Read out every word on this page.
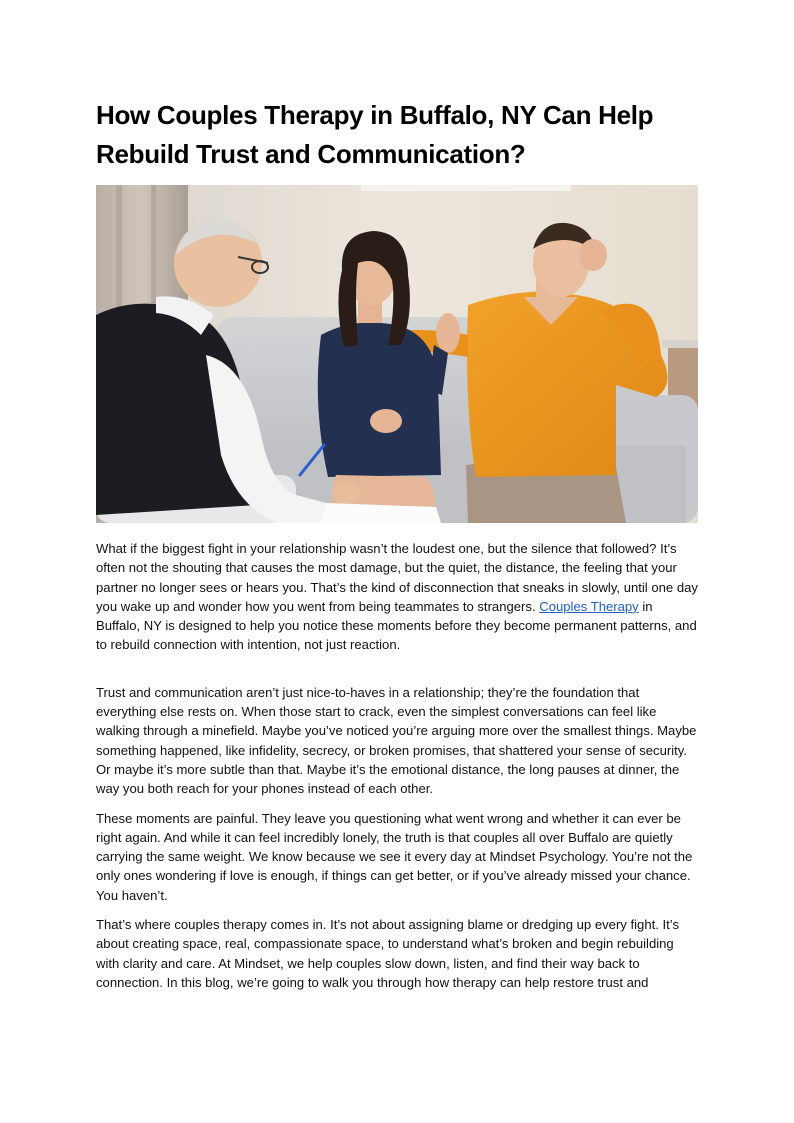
How Couples Therapy in Buffalo, NY Can Help Rebuild Trust and Communication?

What if the biggest fight in your relationship wasn’t the loudest one, but the silence that followed? It’s often not the shouting that causes the most damage, but the quiet, the distance, the feeling that your partner no longer sees or hears you. That’s the kind of disconnection that sneaks in slowly, until one day you wake up and wonder how you went from being teammates to strangers. Couples Therapy in Buffalo, NY is designed to help you notice these moments before they become permanent patterns, and to rebuild connection with intention, not just reaction.

Trust and communication aren’t just nice-to-haves in a relationship; they’re the foundation that everything else rests on. When those start to crack, even the simplest conversations can feel like walking through a minefield. Maybe you’ve noticed you’re arguing more over the smallest things. Maybe something happened, like infidelity, secrecy, or broken promises, that shattered your sense of security. Or maybe it’s more subtle than that. Maybe it’s the emotional distance, the long pauses at dinner, the way you both reach for your phones instead of each other.

These moments are painful. They leave you questioning what went wrong and whether it can ever be right again. And while it can feel incredibly lonely, the truth is that couples all over Buffalo are quietly carrying the same weight. We know because we see it every day at Mindset Psychology. You’re not the only ones wondering if love is enough, if things can get better, or if you’ve already missed your chance. You haven’t.

That’s where couples therapy comes in. It’s not about assigning blame or dredging up every fight. It’s about creating space, real, compassionate space, to understand what’s broken and begin rebuilding with clarity and care. At Mindset, we help couples slow down, listen, and find their way back to connection. In this blog, we’re going to walk you through how therapy can help restore trust and
